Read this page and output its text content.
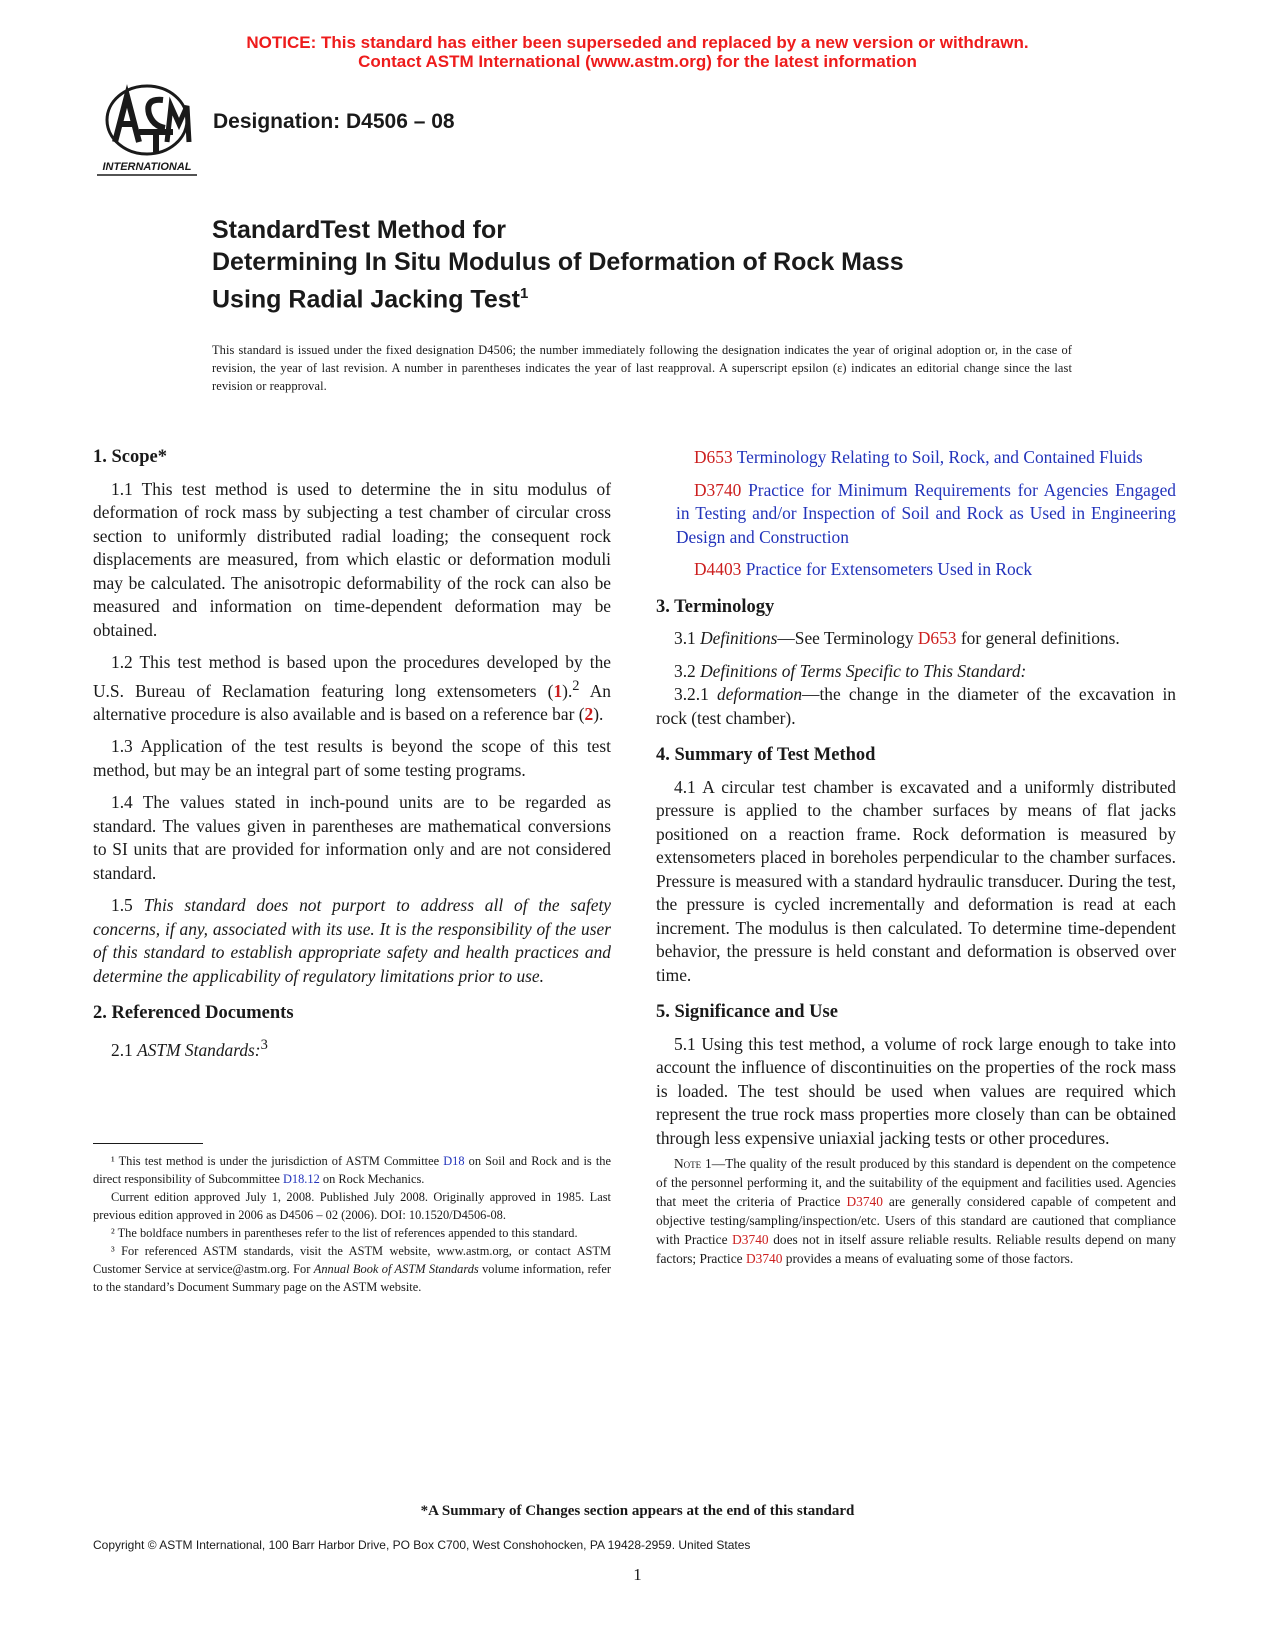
NOTICE: This standard has either been superseded and replaced by a new version or withdrawn.
Contact ASTM International (www.astm.org) for the latest information
INTERNATIONAL
Designation: D4506 – 08
StandardTest Method for
Determining In Situ Modulus of Deformation of Rock Mass
Using Radial Jacking Test$^1$
This standard is issued under the fixed designation D4506; the number immediately following the designation indicates the year of original adoption or, in the case of revision, the year of last revision. A number in parentheses indicates the year of last reapproval. A superscript epsilon (ε) indicates an editorial change since the last revision or reapproval.
1. Scope*

1.1 This test method is used to determine the in situ modulus of deformation of rock mass by subjecting a test chamber of circular cross section to uniformly distributed radial loading; the consequent rock displacements are measured, from which elastic or deformation moduli may be calculated. The anisotropic deformability of the rock can also be measured and information on time-dependent deformation may be obtained.

1.2 This test method is based upon the procedures developed by the U.S. Bureau of Reclamation featuring long extensometers (1).$^2$ An alternative procedure is also available and is based on a reference bar (2).

1.3 Application of the test results is beyond the scope of this test method, but may be an integral part of some testing programs.

1.4 The values stated in inch-pound units are to be regarded as standard. The values given in parentheses are mathematical conversions to SI units that are provided for information only and are not considered standard.

1.5 This standard does not purport to address all of the safety concerns, if any, associated with its use. It is the responsibility of the user of this standard to establish appropriate safety and health practices and determine the applicability of regulatory limitations prior to use.

2. Referenced Documents

2.1 ASTM Standards:$^3$

¹ This test method is under the jurisdiction of ASTM Committee D18 on Soil and Rock and is the direct responsibility of Subcommittee D18.12 on Rock Mechanics.

Current edition approved July 1, 2008. Published July 2008. Originally approved in 1985. Last previous edition approved in 2006 as D4506 – 02 (2006). DOI: 10.1520/D4506-08.

² The boldface numbers in parentheses refer to the list of references appended to this standard.

³ For referenced ASTM standards, visit the ASTM website, www.astm.org, or contact ASTM Customer Service at service@astm.org. For Annual Book of ASTM Standards volume information, refer to the standard’s Document Summary page on the ASTM website.

D653 Terminology Relating to Soil, Rock, and Contained Fluids

D3740 Practice for Minimum Requirements for Agencies Engaged in Testing and/or Inspection of Soil and Rock as Used in Engineering Design and Construction

D4403 Practice for Extensometers Used in Rock

3. Terminology

3.1 Definitions—See Terminology D653 for general definitions.

3.2 Definitions of Terms Specific to This Standard:

3.2.1 deformation—the change in the diameter of the excavation in rock (test chamber).

4. Summary of Test Method

4.1 A circular test chamber is excavated and a uniformly distributed pressure is applied to the chamber surfaces by means of flat jacks positioned on a reaction frame. Rock deformation is measured by extensometers placed in boreholes perpendicular to the chamber surfaces. Pressure is measured with a standard hydraulic transducer. During the test, the pressure is cycled incrementally and deformation is read at each increment. The modulus is then calculated. To determine time-dependent behavior, the pressure is held constant and deformation is observed over time.

5. Significance and Use

5.1 Using this test method, a volume of rock large enough to take into account the influence of discontinuities on the properties of the rock mass is loaded. The test should be used when values are required which represent the true rock mass properties more closely than can be obtained through less expensive uniaxial jacking tests or other procedures.

Note 1—The quality of the result produced by this standard is dependent on the competence of the personnel performing it, and the suitability of the equipment and facilities used. Agencies that meet the criteria of Practice D3740 are generally considered capable of competent and objective testing/sampling/inspection/etc. Users of this standard are cautioned that compliance with Practice D3740 does not in itself assure reliable results. Reliable results depend on many factors; Practice D3740 provides a means of evaluating some of those factors.

*A Summary of Changes section appears at the end of this standard
Copyright © ASTM International, 100 Barr Harbor Drive, PO Box C700, West Conshohocken, PA 19428-2959. United States
1
